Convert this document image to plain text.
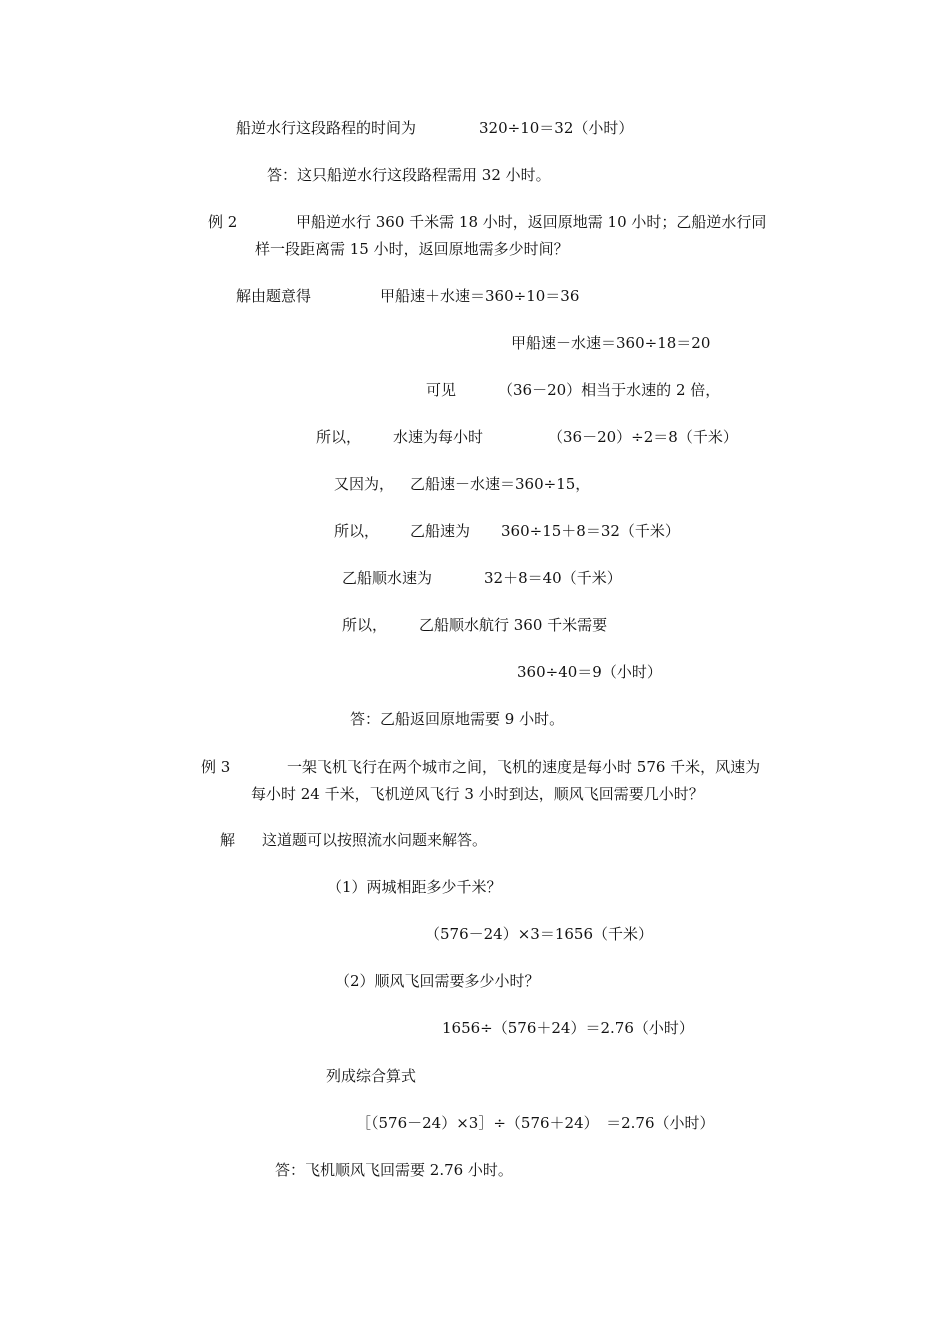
船逆水行这段路程的时间为	320÷10＝32（小时）
答：这只船逆水行这段路程需用 32 小时。
例 2	甲船逆水行 360 千米需 18 小时，返回原地需 10 小时；乙船逆水行同
样一段距离需 15 小时，返回原地需多少时间？
解由题意得	甲船速＋水速＝360÷10＝36
甲船速－水速＝360÷18＝20
可见	（36－20）相当于水速的 2 倍，
所以， 水速为每小时	（36－20）÷2＝8（千米）
又因为， 乙船速－水速＝360÷15，
所以， 乙船速为 360÷15＋8＝32（千米）
乙船顺水速为	32＋8＝40（千米）
所以， 乙船顺水航行 360 千米需要
360÷40＝9（小时）
答：乙船返回原地需要 9 小时。
例 3	一架飞机飞行在两个城市之间，飞机的速度是每小时 576 千米，风速为
每小时 24 千米，飞机逆风飞行 3 小时到达，顺风飞回需要几小时？
解 这道题可以按照流水问题来解答。
（1）两城相距多少千米？
（576－24）×3＝1656（千米）
（2）顺风飞回需要多少小时？
1656÷（576＋24）＝2.76（小时）
列成综合算式
［（576－24）×3］÷（576＋24）　＝2.76（小时）
答：飞机顺风飞回需要 2.76 小时。
